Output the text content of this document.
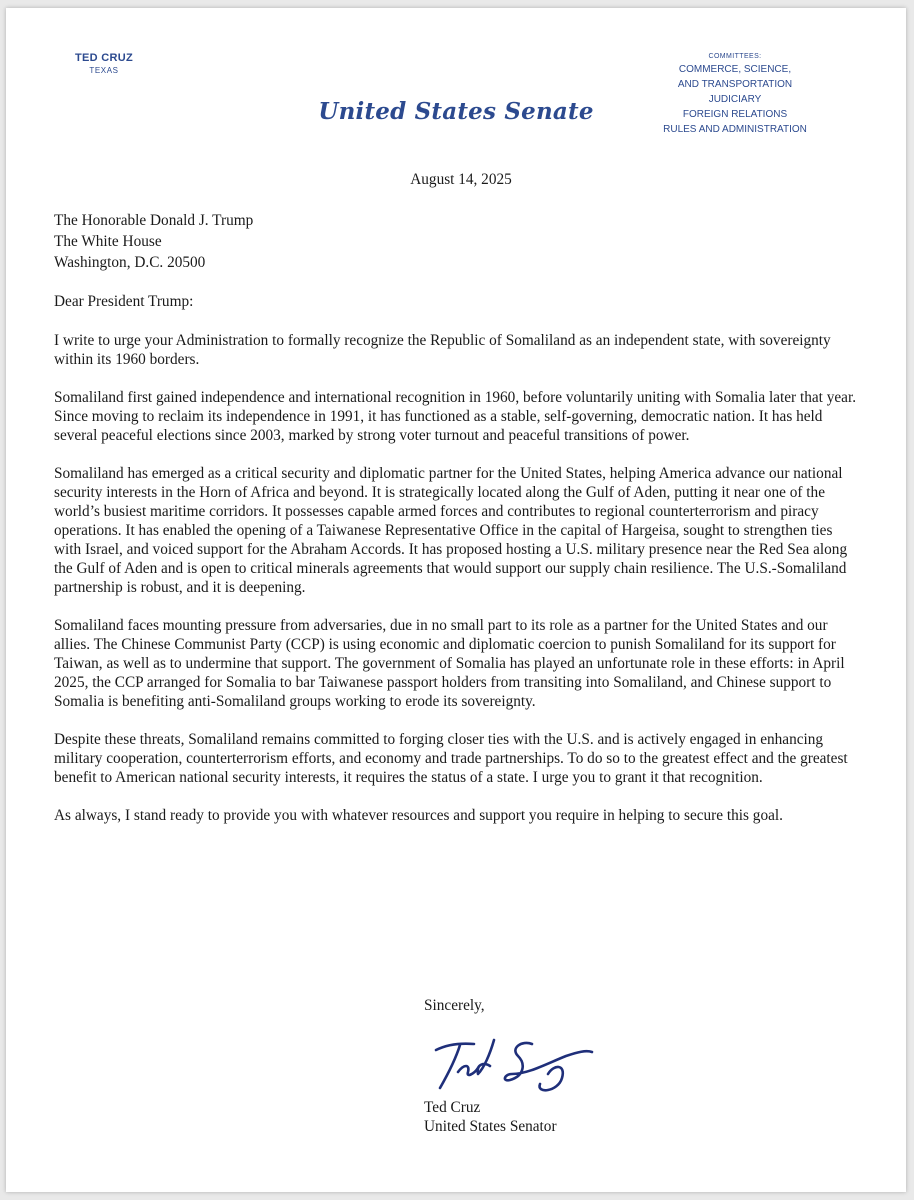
TED CRUZ
TEXAS
United States Senate
COMMITTEES:
COMMERCE, SCIENCE,
AND TRANSPORTATION
JUDICIARY
FOREIGN RELATIONS
RULES AND ADMINISTRATION
August 14, 2025
The Honorable Donald J. Trump
The White House
Washington, D.C. 20500
Dear President Trump:

I write to urge your Administration to formally recognize the Republic of Somaliland as an independent state, with sovereignty within its 1960 borders.

Somaliland first gained independence and international recognition in 1960, before voluntarily uniting with Somalia later that year. Since moving to reclaim its independence in 1991, it has functioned as a stable, self-governing, democratic nation. It has held several peaceful elections since 2003, marked by strong voter turnout and peaceful transitions of power.

Somaliland has emerged as a critical security and diplomatic partner for the United States, helping America advance our national security interests in the Horn of Africa and beyond. It is strategically located along the Gulf of Aden, putting it near one of the world’s busiest maritime corridors. It possesses capable armed forces and contributes to regional counterterrorism and piracy operations. It has enabled the opening of a Taiwanese Representative Office in the capital of Hargeisa, sought to strengthen ties with Israel, and voiced support for the Abraham Accords. It has proposed hosting a U.S. military presence near the Red Sea along the Gulf of Aden and is open to critical minerals agreements that would support our supply chain resilience. The U.S.-Somaliland partnership is robust, and it is deepening.

Somaliland faces mounting pressure from adversaries, due in no small part to its role as a partner for the United States and our allies. The Chinese Communist Party (CCP) is using economic and diplomatic coercion to punish Somaliland for its support for Taiwan, as well as to undermine that support. The government of Somalia has played an unfortunate role in these efforts: in April 2025, the CCP arranged for Somalia to bar Taiwanese passport holders from transiting into Somaliland, and Chinese support to Somalia is benefiting anti-Somaliland groups working to erode its sovereignty.

Despite these threats, Somaliland remains committed to forging closer ties with the U.S. and is actively engaged in enhancing military cooperation, counterterrorism efforts, and economy and trade partnerships. To do so to the greatest effect and the greatest benefit to American national security interests, it requires the status of a state. I urge you to grant it that recognition.

As always, I stand ready to provide you with whatever resources and support you require in helping to secure this goal.

Sincerely,
Ted Cruz
United States Senator
